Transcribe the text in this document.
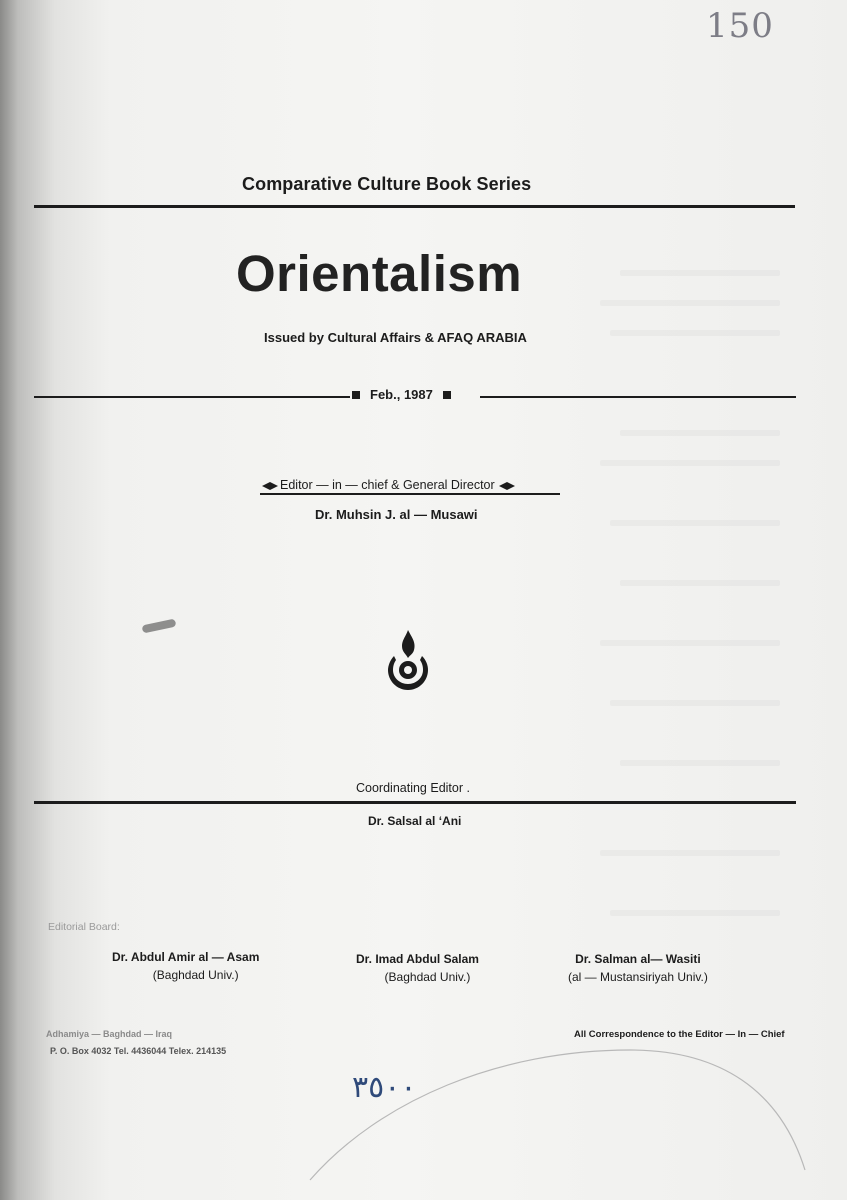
150
Comparative Culture Book Series
Orientalism
Issued by Cultural Affairs & AFAQ ARABIA
Feb., 1987
Editor — in — chief & General Director
Dr. Muhsin J. al — Musawi
Coordinating Editor .
Dr. Salsal al ‘Ani
Editorial Board:
Dr. Abdul Amir al — Asam
(Baghdad Univ.)
Dr. Imad Abdul Salam
(Baghdad Univ.)
Dr. Salman al— Wasiti
(al — Mustansiriyah Univ.)
Adhamiya — Baghdad — Iraq
P. O. Box 4032 Tel. 4436044 Telex. 214135
All Correspondence to the Editor — In — Chief
٣٥٠٠
